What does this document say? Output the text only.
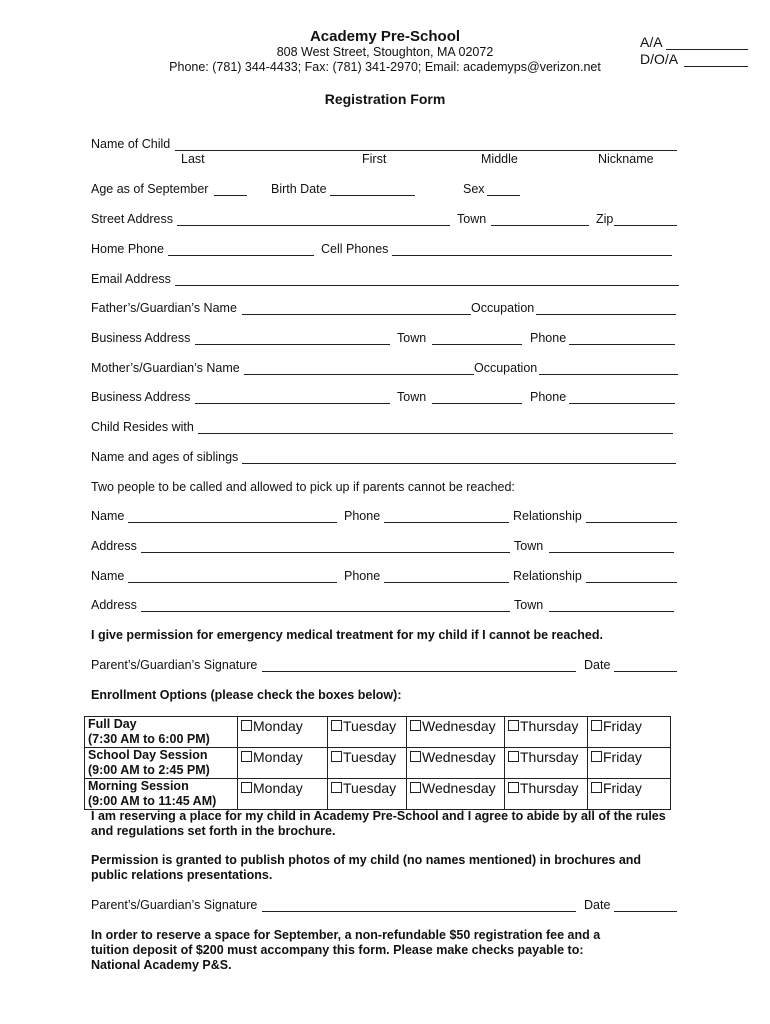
Academy Pre-School
808 West Street, Stoughton, MA 02072
Phone: (781) 344-4433; Fax: (781) 341-2970; Email: academyps@verizon.net
A/A
D/O/A
Registration Form
Name of Child
Last	First	Middle	Nickname
Age as of September	Birth Date	Sex
Street Address	Town	Zip
Home Phone	Cell Phones
Email Address
Father’s/Guardian’s Name	Occupation
Business Address	Town	Phone
Mother’s/Guardian’s Name	Occupation
Business Address	Town	Phone
Child Resides with
Name and ages of siblings
Two people to be called and allowed to pick up if parents cannot be reached:
Name	Phone	Relationship
Address	Town
Name	Phone	Relationship
Address	Town
I give permission for emergency medical treatment for my child if I cannot be reached.
Parent’s/Guardian’s Signature	Date
Enrollment Options (please check the boxes below):
Full Day
(7:30 AM to 6:00 PM)	Monday	Tuesday	Wednesday	Thursday	Friday
School Day Session
(9:00 AM to 2:45 PM)	Monday	Tuesday	Wednesday	Thursday	Friday
Morning Session
(9:00 AM to 11:45 AM)	Monday	Tuesday	Wednesday	Thursday	Friday
I am reserving a place for my child in Academy Pre-School and I agree to abide by all of the rules and regulations set forth in the brochure.
Permission is granted to publish photos of my child (no names mentioned) in brochures and public relations presentations.
Parent’s/Guardian’s Signature	Date
In order to reserve a space for September, a non-refundable $50 registration fee and a tuition deposit of $200 must accompany this form. Please make checks payable to: National Academy P&S.
